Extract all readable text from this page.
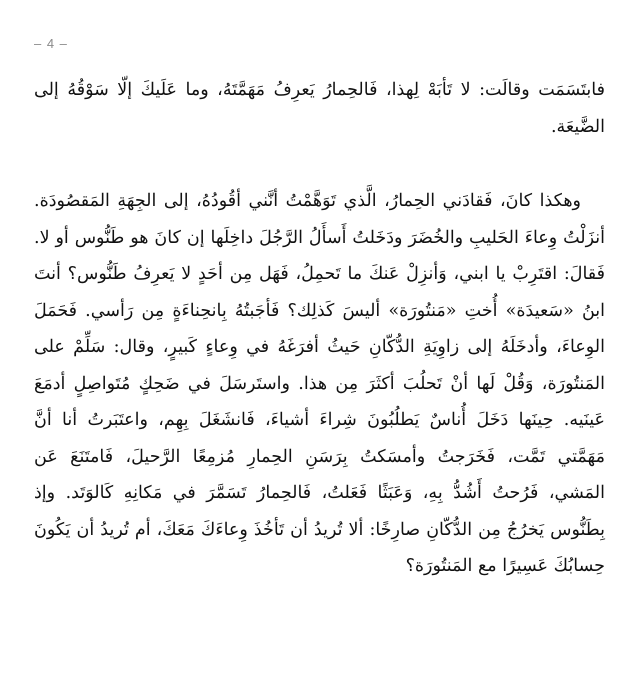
– 4 –

فابتَسَمَت وقالَت: لا تَأبَهْ لِهذا، فَالحِمارُ يَعرِفُ مَهَمَّتَهُ، وما عَلَيكَ إلّا سَوْقُهُ إلى الضَّيعَة.

وهكذا كانَ، فَقادَني الحِمارُ، الَّذي تَوَهَّمْتُ أنَّني أقُودُهُ، إلى الجِهَةِ المَقصُودَة. أنزَلْتُ وِعاءَ الحَليبِ والخُضَرَ ودَخَلتُ أَسأَلُ الرَّجُلَ داخِلَها إن كانَ هو طَنُّوس أو لا. فَقالَ: اقتَرِبْ يا ابني، وَأنزِلْ عَنكَ ما تَحمِلُ، فَهَل مِن أحَدٍ لا يَعرِفُ طَنُّوس؟ أنتَ ابنُ «سَعيدَة» أُختِ «مَنتُورَة» أليسَ كَذلِك؟ فَأجَبتُهُ بِانحِناءَةٍ مِن رَأسي. فَحَمَلَ الوِعاءَ، وأدخَلَهُ إلى زاوِيَةِ الدُّكّانِ حَيثُ أفرَغَهُ في وِعاءٍ كَبيرٍ، وقال: سَلِّمْ على المَنتُورَة، وَقُلْ لَها أنْ تَحلُبَ أكثَرَ مِن هذا. واستَرسَلَ في ضَحِكٍ مُتَواصِلٍ أدمَعَ عَينَيه. حِينَها دَخَلَ أُناسٌ يَطلُبُونَ شِراءَ أشياءَ، فَانشَغَلَ بِهِم، واعتَبَرتُ أنا أنَّ مَهَمَّتي تَمَّت، فَخَرَجتُ وأمسَكتُ بِرَسَنِ الحِمارِ مُزمِعًا الرَّحيلَ، فَامتَنَعَ عَن المَشي، فَرُحتُ أَشُدُّ بِهِ، وَعَبَثًا فَعَلتُ، فَالحِمارُ تَسَمَّرَ في مَكانِهِ كَالوَتَد. وإذ بِطَنُّوس يَخرُجُ مِن الدُّكّانِ صارِخًا: ألا تُريدُ أن تَأخُذَ وِعاءَكَ مَعَكَ، أم تُريدُ أن يَكُونَ حِسابُكَ عَسِيرًا مع المَنتُورَة؟
